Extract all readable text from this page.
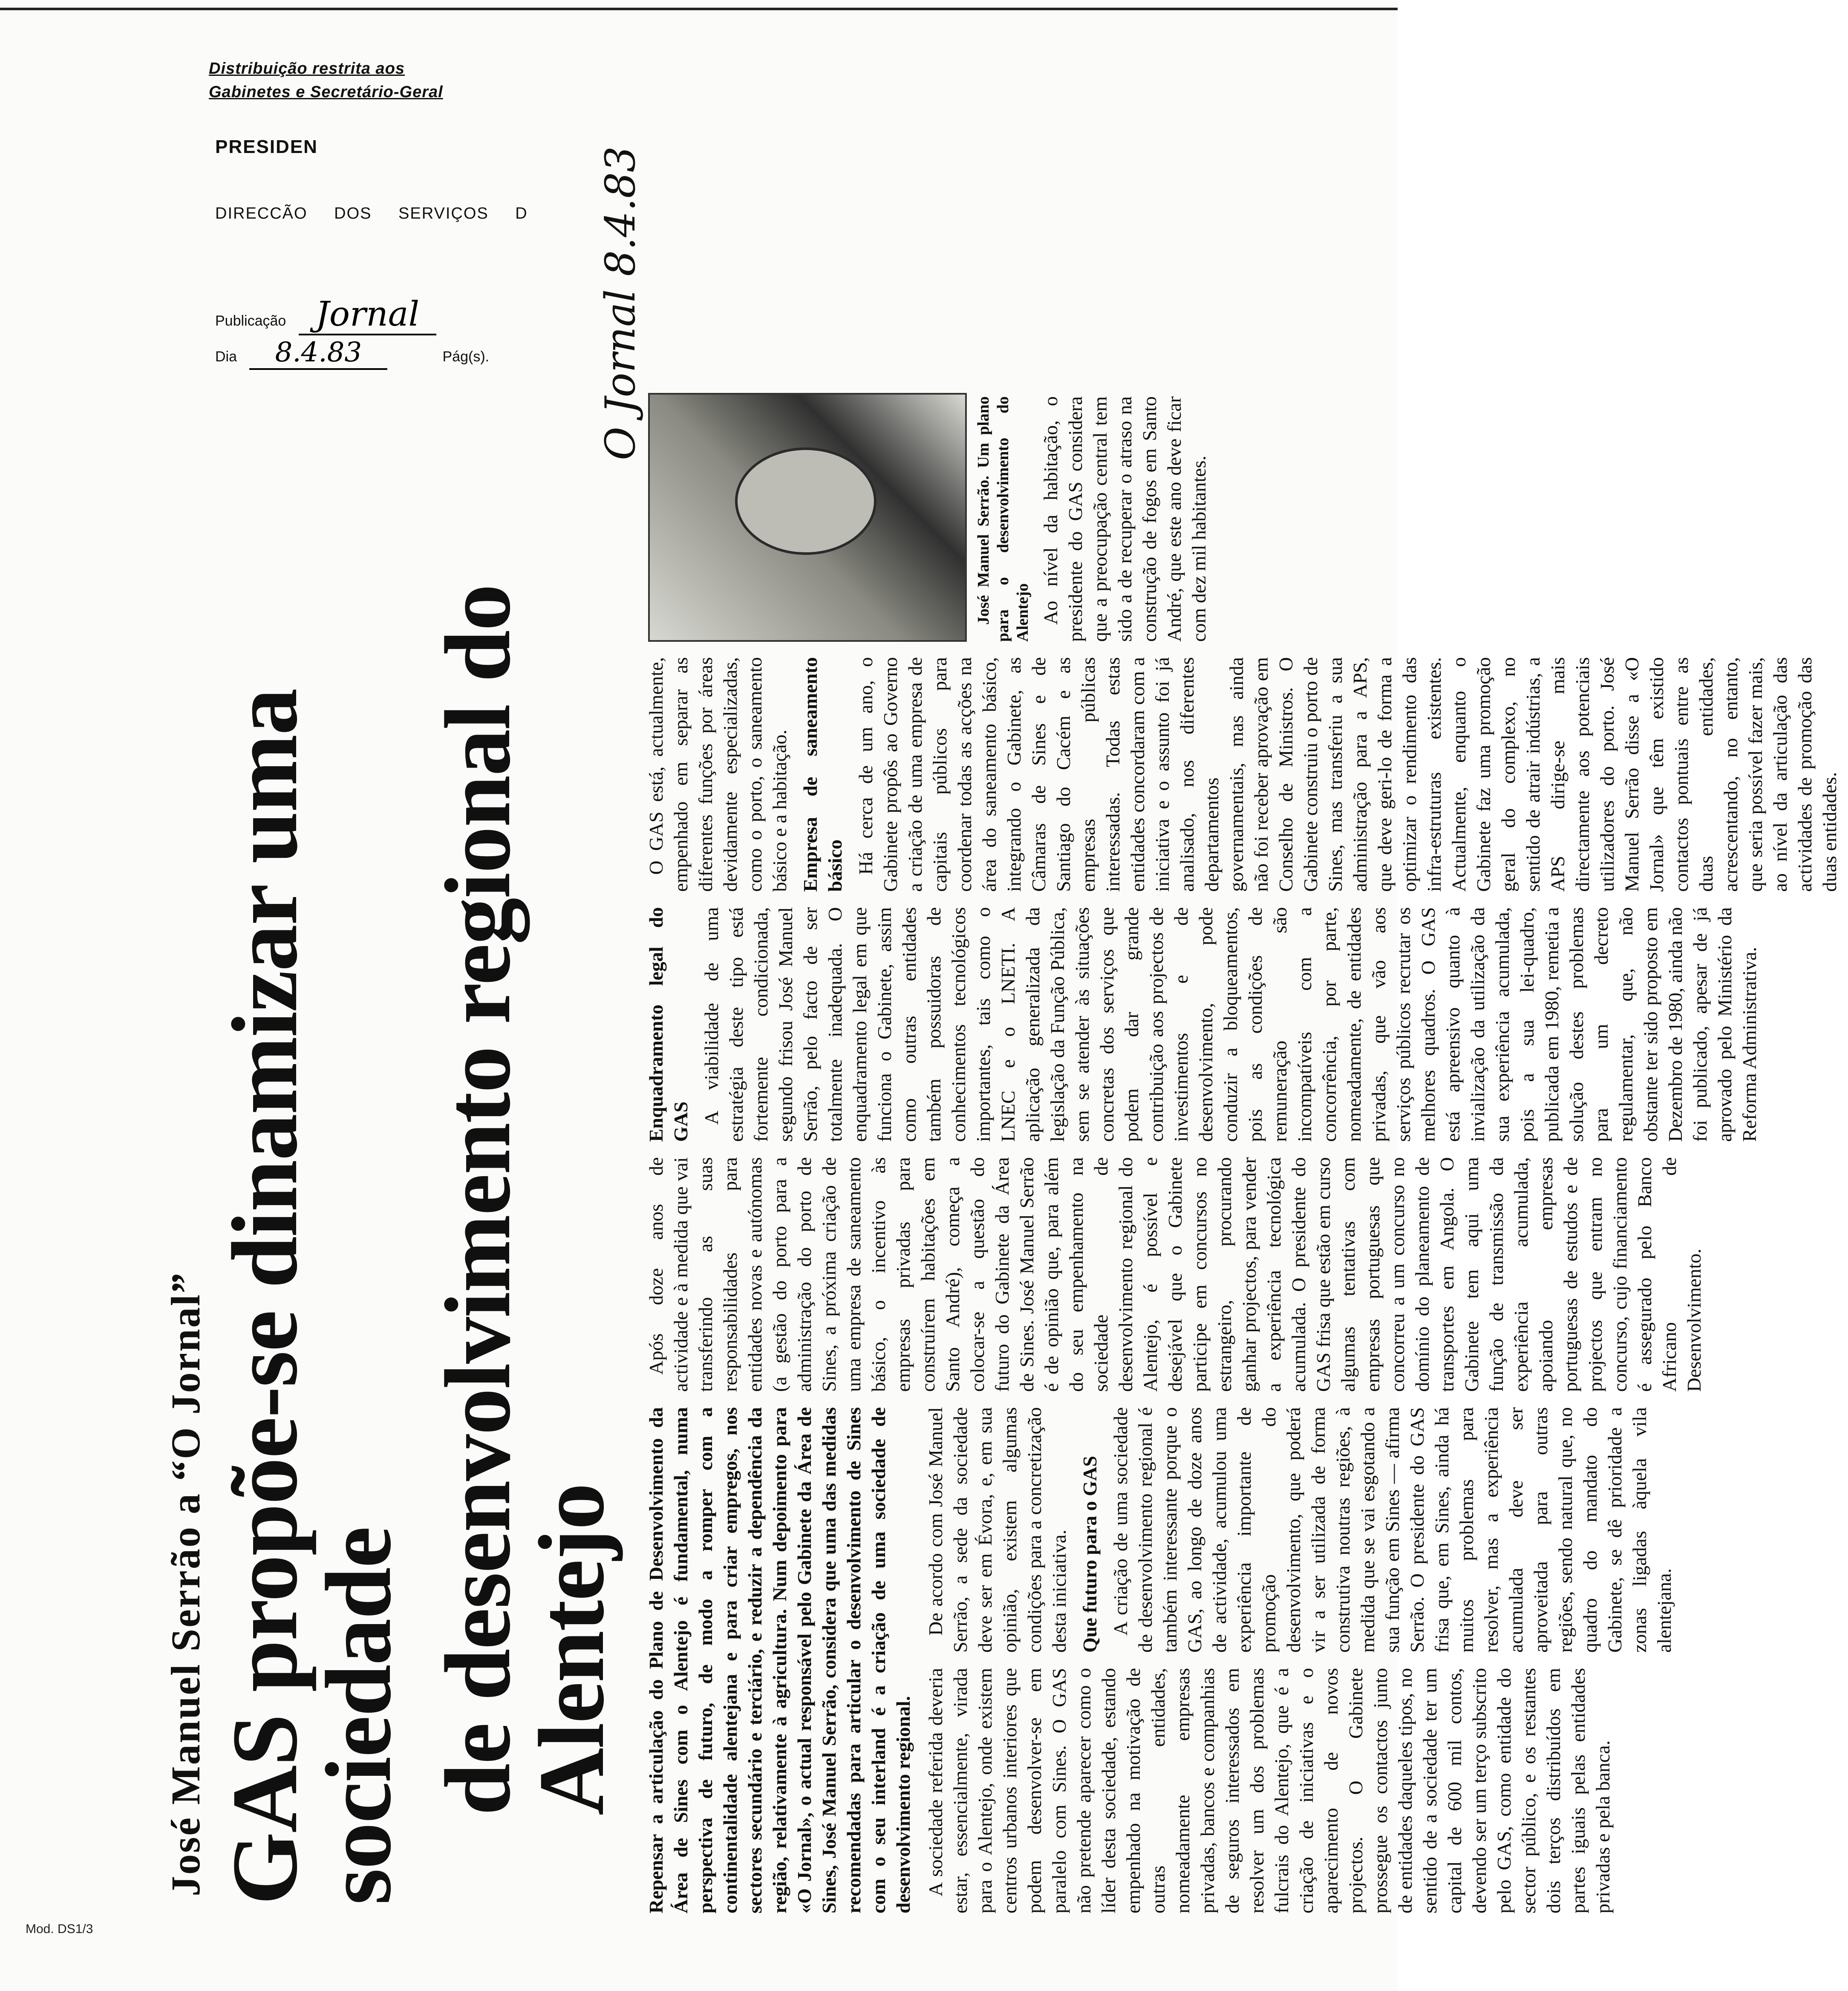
Distribuição restrita aos

Gabinetes e Secretário-Geral

PRESIDEN
DIRECCÃO DOS SERVIÇOS D
Publicação Jornal
Dia 8.4.83	Pág(s).	O Jornal 8.4.83
Mod. DS1/3
José Manuel Serrão a “O Jornal” GAS propõe-se dinamizar uma sociedade de desenvolvimento regional do Alentejo Repensar a articulação do Plano de Desenvolvimento da Área de Sines com o Alentejo é fundamental, numa perspectiva de futuro, de modo a romper com a continentalidade alentejana e para criar empregos, nos sectores secundário e terciário, e reduzir a dependência da região, relativamente à agricultura. Num depoimento para «O Jornal», o actual responsável pelo Gabinete da Área de Sines, José Manuel Serrão, considera que uma das medidas recomendadas para articular o desenvolvimento de Sines com o seu interland é a criação de uma sociedade de desenvolvimento regional. A sociedade referida deveria estar, essencialmente, virada para o Alentejo, onde existem centros urbanos interiores que podem desenvolver-se em paralelo com Sines. O GAS não pretende aparecer como o líder desta sociedade, estando empenhado na motivação de outras entidades, nomeadamente empresas privadas, bancos e companhias de seguros interessados em resolver um dos problemas fulcrais do Alentejo, que é a criação de iniciativas e o aparecimento de novos projectos. O Gabinete prossegue os contactos junto de entidades daqueles tipos, no sentido de a sociedade ter um capital de 600 mil contos, devendo ser um terço subscrito pelo GAS, como entidade do sector público, e os restantes dois terços distribuídos em partes iguais pelas entidades privadas e pela banca.

De acordo com José Manuel Serrão, a sede da sociedade deve ser em Évora, e, em sua opinião, existem algumas condições para a concretização desta iniciativa. Que futuro para o GAS A criação de uma sociedade de desenvolvimento regional é também interessante porque o GAS, ao longo de doze anos de actividade, acumulou uma experiência importante de promoção do desenvolvimento, que poderá vir a ser utilizada de forma construtiva noutras regiões, à medida que se vai esgotando a sua função em Sines — afirma Serrão. O presidente do GAS frisa que, em Sines, ainda há muitos problemas para resolver, mas a experiência acumulada deve ser aproveitada para outras regiões, sendo natural que, no quadro do mandato do Gabinete, se dê prioridade a zonas ligadas àquela vila alentejana.

Após doze anos de actividade e à medida que vai transferindo as suas responsabilidades para entidades novas e autónomas (a gestão do porto para a administração do porto de Sines, a próxima criação de uma empresa de saneamento básico, o incentivo às empresas privadas para construírem habitações em Santo André), começa a colocar-se a questão do futuro do Gabinete da Área de Sines. José Manuel Serrão é de opinião que, para além do seu empenhamento na sociedade de desenvolvimento regional do Alentejo, é possível e desejável que o Gabinete participe em concursos no estrangeiro, procurando ganhar projectos, para vender a experiência tecnológica acumulada. O presidente do GAS frisa que estão em curso algumas tentativas com empresas portuguesas que concorreu a um concurso no domínio do planeamento de transportes em Angola. O Gabinete tem aqui uma função de transmissão da experiência acumulada, apoiando empresas portuguesas de estudos e de projectos que entram no concurso, cujo financiamento é assegurado pelo Banco Africano de Desenvolvimento.

Enquadramento legal do GAS A viabilidade de uma estratégia deste tipo está fortemente condicionada, segundo frisou José Manuel Serrão, pelo facto de ser totalmente inadequada. O enquadramento legal em que funciona o Gabinete, assim como outras entidades também possuidoras de conhecimentos tecnológicos importantes, tais como o LNEC e o LNETI. A aplicação generalizada da legislação da Função Pública, sem se atender às situações concretas dos serviços que podem dar grande contribuição aos projectos de investimentos e de desenvolvimento, pode conduzir a bloqueamentos, pois as condições de remuneração são incompatíveis com a concorrência, por parte, nomeadamente, de entidades privadas, que vão aos serviços públicos recrutar os melhores quadros. O GAS está apreensivo quanto à invialização da utilização da sua experiência acumulada, pois a sua lei-quadro, publicada em 1980, remetia a solução destes problemas para um decreto regulamentar, que, não obstante ter sido proposto em Dezembro de 1980, ainda não foi publicado, apesar de já aprovado pelo Ministério da Reforma Administrativa.

O GAS está, actualmente, empenhado em separar as diferentes funções por áreas devidamente especializadas, como o porto, o saneamento básico e a habitação. Empresa de saneamento básico Há cerca de um ano, o Gabinete propôs ao Governo a criação de uma empresa de capitais públicos para coordenar todas as acções na área do saneamento básico, integrando o Gabinete, as Câmaras de Sines e de Santiago do Cacém e as empresas públicas interessadas. Todas estas entidades concordaram com a iniciativa e o assunto foi já analisado, nos diferentes departamentos governamentais, mas ainda não foi receber aprovação em Conselho de Ministros. O Gabinete construiu o porto de Sines, mas transferiu a sua administração para a APS, que deve geri-lo de forma a optimizar o rendimento das infra-estruturas existentes. Actualmente, enquanto o Gabinete faz uma promoção geral do complexo, no sentido de atrair indústrias, a APS dirige-se mais directamente aos potenciais utilizadores do porto. José Manuel Serrão disse a «O Jornal» que têm existido contactos pontuais entre as duas entidades, acrescentando, no entanto, que seria possível fazer mais, ao nível da articulação das actividades de promoção das duas entidades.

José Manuel Serrão. Um plano para o desenvolvimento do Alentejo Ao nível da habitação, o presidente do GAS considera que a preocupação central tem sido a de recuperar o atraso na construção de fogos em Santo André, que este ano deve ficar com dez mil habitantes.
